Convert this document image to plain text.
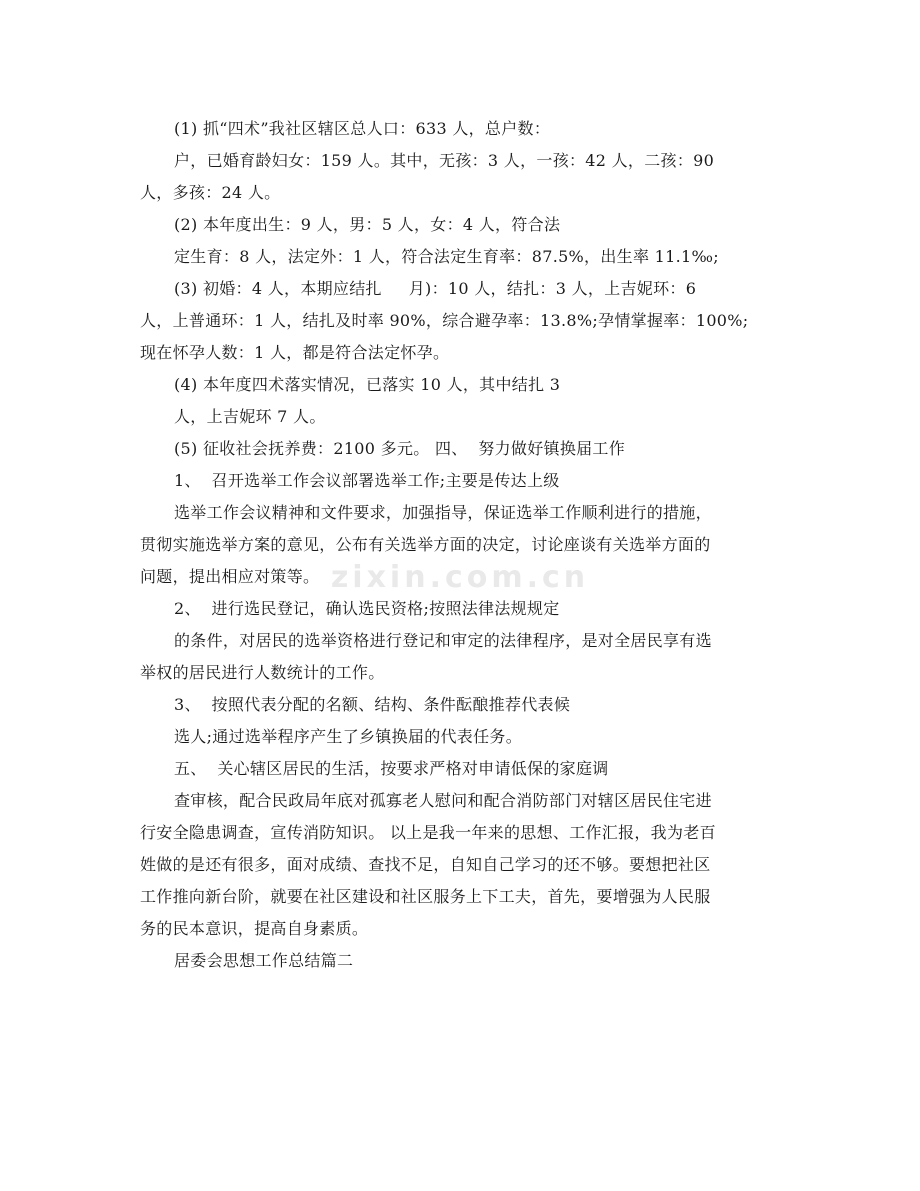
zixin.com.cn
(1) 抓“四术”我社区辖区总人口：633 人，总户数：
户，已婚育龄妇女：159 人。其中，无孩：3 人，一孩：42 人，二孩：90
人，多孩：24 人。
(2) 本年度出生：9 人，男：5 人，女：4 人，符合法
定生育：8 人，法定外：1 人，符合法定生育率：87.5%，出生率 11.1‰;
(3) 初婚：4 人，本期应结扎     月)：10 人，结扎：3 人，上吉妮环：6
人，上普通环：1 人，结扎及时率 90%，综合避孕率：13.8%;孕情掌握率：100%;
现在怀孕人数：1 人，都是符合法定怀孕。
(4) 本年度四术落实情况，已落实 10 人，其中结扎 3
人，上吉妮环 7 人。
(5) 征收社会抚养费：2100 多元。 四、  努力做好镇换届工作
1、  召开选举工作会议部署选举工作;主要是传达上级
选举工作会议精神和文件要求，加强指导，保证选举工作顺利进行的措施，
贯彻实施选举方案的意见，公布有关选举方面的决定，讨论座谈有关选举方面的
问题，提出相应对策等。
2、  进行选民登记，确认选民资格;按照法律法规规定
的条件，对居民的选举资格进行登记和审定的法律程序，是对全居民享有选
举权的居民进行人数统计的工作。
3、  按照代表分配的名额、结构、条件酝酿推荐代表候
选人;通过选举程序产生了乡镇换届的代表任务。
五、  关心辖区居民的生活，按要求严格对申请低保的家庭调
查审核，配合民政局年底对孤寡老人慰问和配合消防部门对辖区居民住宅进
行安全隐患调查，宣传消防知识。 以上是我一年来的思想、工作汇报，我为老百
姓做的是还有很多，面对成绩、查找不足，自知自己学习的还不够。要想把社区
工作推向新台阶，就要在社区建设和社区服务上下工夫，首先，要增强为人民服
务的民本意识，提高自身素质。
居委会思想工作总结篇二
